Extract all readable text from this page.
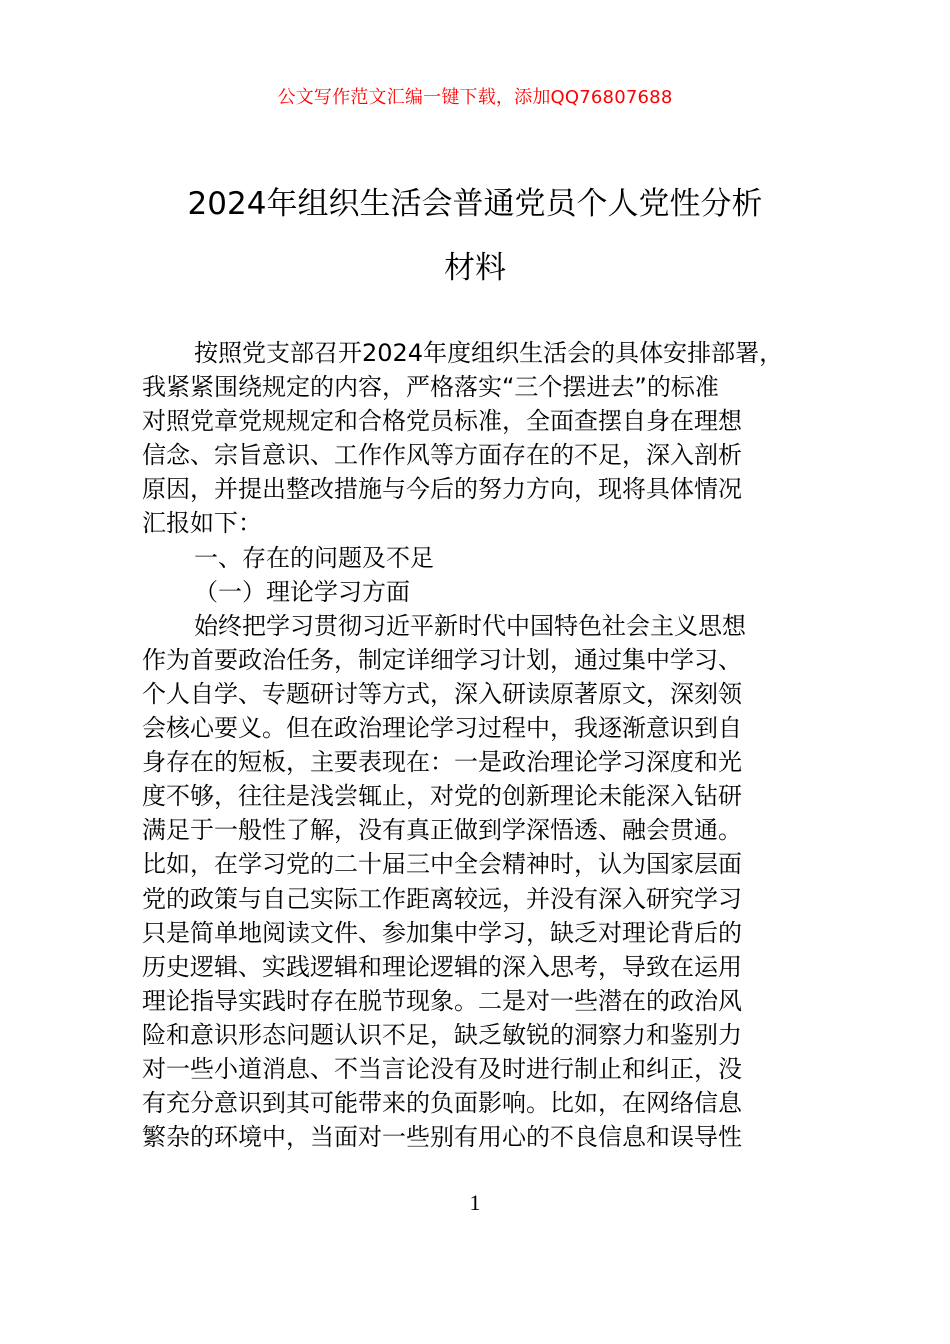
公文写作范文汇编一键下载，添加QQ76807688
2024年组织生活会普通党员个人党性分析
材料
按照党支部召开2024年度组织生活会的具体安排部署，
我紧紧围绕规定的内容，严格落实“三个摆进去”的标准
对照党章党规规定和合格党员标准，全面查摆自身在理想
信念、宗旨意识、工作作风等方面存在的不足，深入剖析
原因，并提出整改措施与今后的努力方向，现将具体情况
汇报如下：
一、存在的问题及不足
（一）理论学习方面
始终把学习贯彻习近平新时代中国特色社会主义思想
作为首要政治任务，制定详细学习计划，通过集中学习、
个人自学、专题研讨等方式，深入研读原著原文，深刻领
会核心要义。但在政治理论学习过程中，我逐渐意识到自
身存在的短板，主要表现在：一是政治理论学习深度和光
度不够，往往是浅尝辄止，对党的创新理论未能深入钻研
满足于一般性了解，没有真正做到学深悟透、融会贯通。
比如，在学习党的二十届三中全会精神时，认为国家层面
党的政策与自己实际工作距离较远，并没有深入研究学习
只是简单地阅读文件、参加集中学习，缺乏对理论背后的
历史逻辑、实践逻辑和理论逻辑的深入思考，导致在运用
理论指导实践时存在脱节现象。二是对一些潜在的政治风
险和意识形态问题认识不足，缺乏敏锐的洞察力和鉴别力
对一些小道消息、不当言论没有及时进行制止和纠正，没
有充分意识到其可能带来的负面影响。比如，在网络信息
繁杂的环境中，当面对一些别有用心的不良信息和误导性
1
